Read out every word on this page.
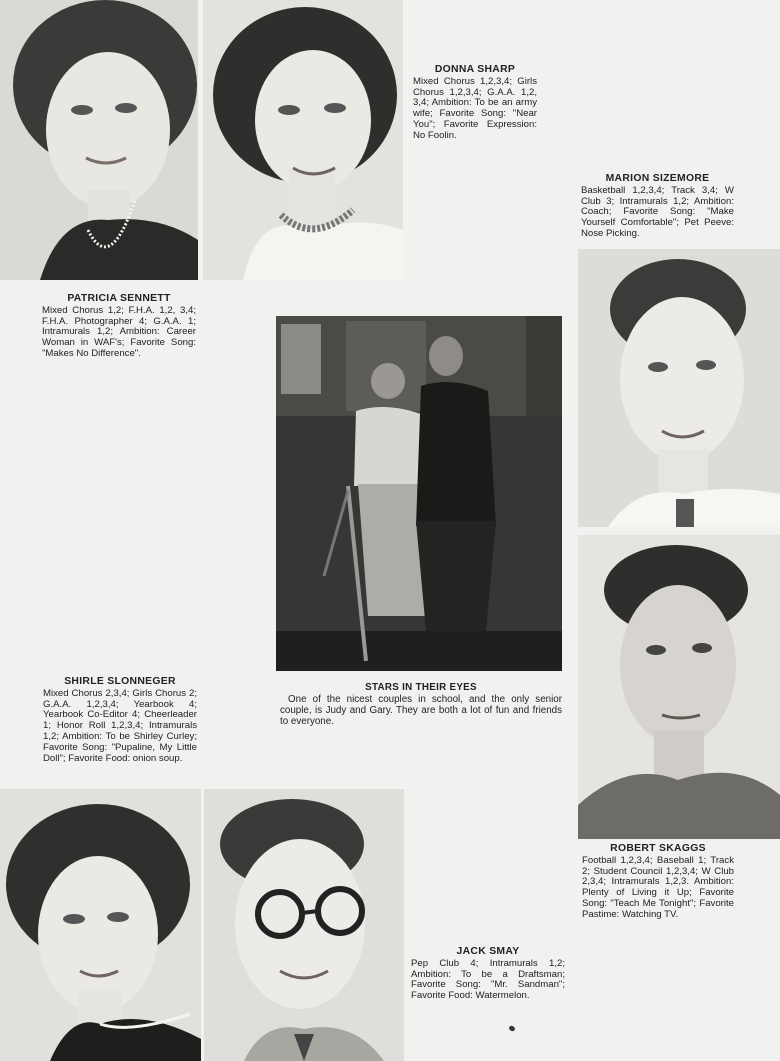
DONNA SHARP
Mixed Chorus 1,2,3,4; Girls Chorus 1,2,3,4; G.A.A. 1,2, 3,4; Ambition: To be an army wife; Favorite Song: "Near You"; Favorite Expression: No Foolin.
MARION SIZEMORE
Basketball 1,2,3,4; Track 3,4; W Club 3; Intramurals 1,2; Ambition: Coach; Favorite Song: "Make Yourself Comfortable"; Pet Peeve: Nose Picking.
PATRICIA SENNETT
Mixed Chorus 1,2; F.H.A. 1,2, 3,4; F.H.A. Photographer 4; G.A.A. 1; Intramurals 1,2; Ambition: Career Woman in WAF's; Favorite Song: "Makes No Difference".
SHIRLE SLONNEGER
Mixed Chorus 2,3,4; Girls Chorus 2; G.A.A. 1,2,3,4; Yearbook 4; Yearbook Co-Editor 4; Cheerleader 1; Honor Roll 1,2,3,4; Intramurals 1,2; Ambition: To be Shirley Curley; Favorite Song: "Pupaline, My Little Doll"; Favorite Food: onion soup.
STARS IN THEIR EYES
One of the nicest couples in school, and the only senior couple, is Judy and Gary. They are both a lot of fun and friends to everyone.
ROBERT SKAGGS
Football 1,2,3,4; Baseball 1; Track 2; Student Council 1,2,3,4; W Club 2,3,4; Intramurals 1,2,3. Ambition: Plenty of Living it Up; Favorite Song: "Teach Me Tonight"; Favorite Pastime: Watching TV.
JACK SMAY
Pep Club 4; Intramurals 1,2; Ambition: To be a Draftsman; Favorite Song: "Mr. Sandman"; Favorite Food: Watermelon.
